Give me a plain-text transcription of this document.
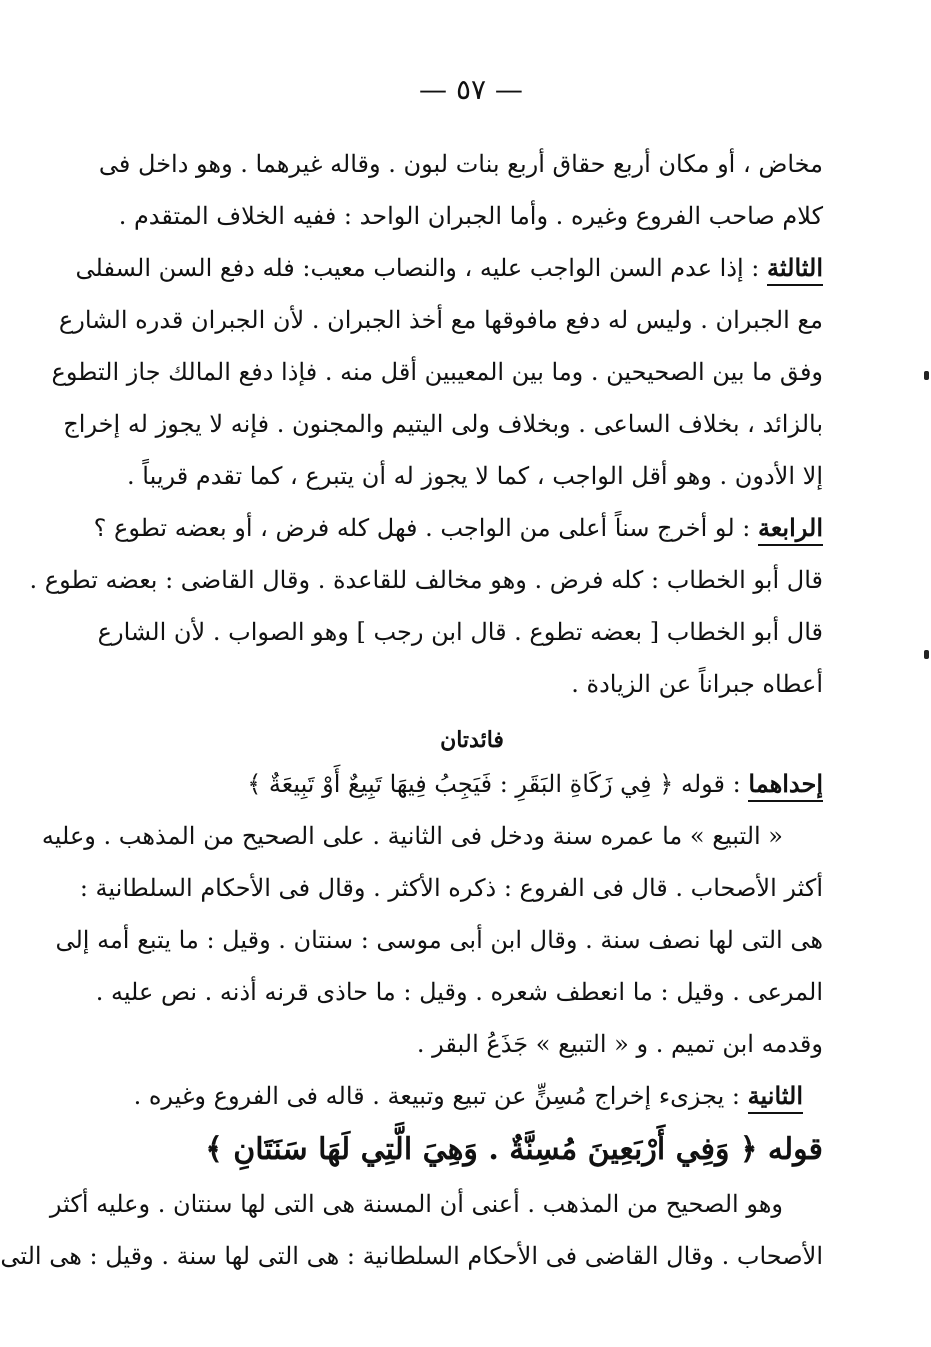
— ٥٧ —
مخاض ، أو مكان أربع حقاق أربع بنات لبون . وقاله غيرهما . وهو داخل فى
كلام صاحب الفروع وغيره . وأما الجبران الواحد : ففيه الخلاف المتقدم .
الثالثة : إذا عدم السن الواجب عليه ، والنصاب معيب: فله دفع السن السفلى
مع الجبران . وليس له دفع مافوقها مع أخذ الجبران . لأن الجبران قدره الشارع
وفق ما بين الصحيحين . وما بين المعيبين أقل منه . فإذا دفع المالك جاز التطوع
بالزائد ، بخلاف الساعى . وبخلاف ولى اليتيم والمجنون . فإنه لا يجوز له إخراج
إلا الأدون . وهو أقل الواجب ، كما لا يجوز له أن يتبرع ، كما تقدم قريباً .
الرابعة : لو أخرج سناً أعلى من الواجب . فهل كله فرض ، أو بعضه تطوع ؟
قال أبو الخطاب : كله فرض . وهو مخالف للقاعدة . وقال القاضى : بعضه تطوع .
قال أبو الخطاب [ بعضه تطوع . قال ابن رجب ] وهو الصواب . لأن الشارع
أعطاه جبراناً عن الزيادة .
فائدتان
إحداهما : قوله ﴿ فِي زَكَاةِ البَقَرِ : فَيَجِبُ فِيهَا تَبِيعٌ أَوْ تَبِيعَةٌ ﴾
« التبيع » ما عمره سنة ودخل فى الثانية . على الصحيح من المذهب . وعليه
أكثر الأصحاب . قال فى الفروع : ذكره الأكثر . وقال فى الأحكام السلطانية :
هى التى لها نصف سنة . وقال ابن أبى موسى : سنتان . وقيل : ما يتبع أمه إلى
المرعى . وقيل : ما انعطف شعره . وقيل : ما حاذى قرنه أذنه . نص عليه .
وقدمه ابن تميم . و « التبيع » جَذَعُ البقر .
الثانية : يجزىء إخراج مُسِنٍّ عن تبيع وتبيعة . قاله فى الفروع وغيره .
قوله ﴿ وَفِي أَرْبَعِينَ مُسِنَّةٌ . وَهِيَ الَّتِي لَهَا سَنَتَانِ ﴾
وهو الصحيح من المذهب . أعنى أن المسنة هى التى لها سنتان . وعليه أكثر
الأصحاب . وقال القاضى فى الأحكام السلطانية : هى التى لها سنة . وقيل : هى التى
